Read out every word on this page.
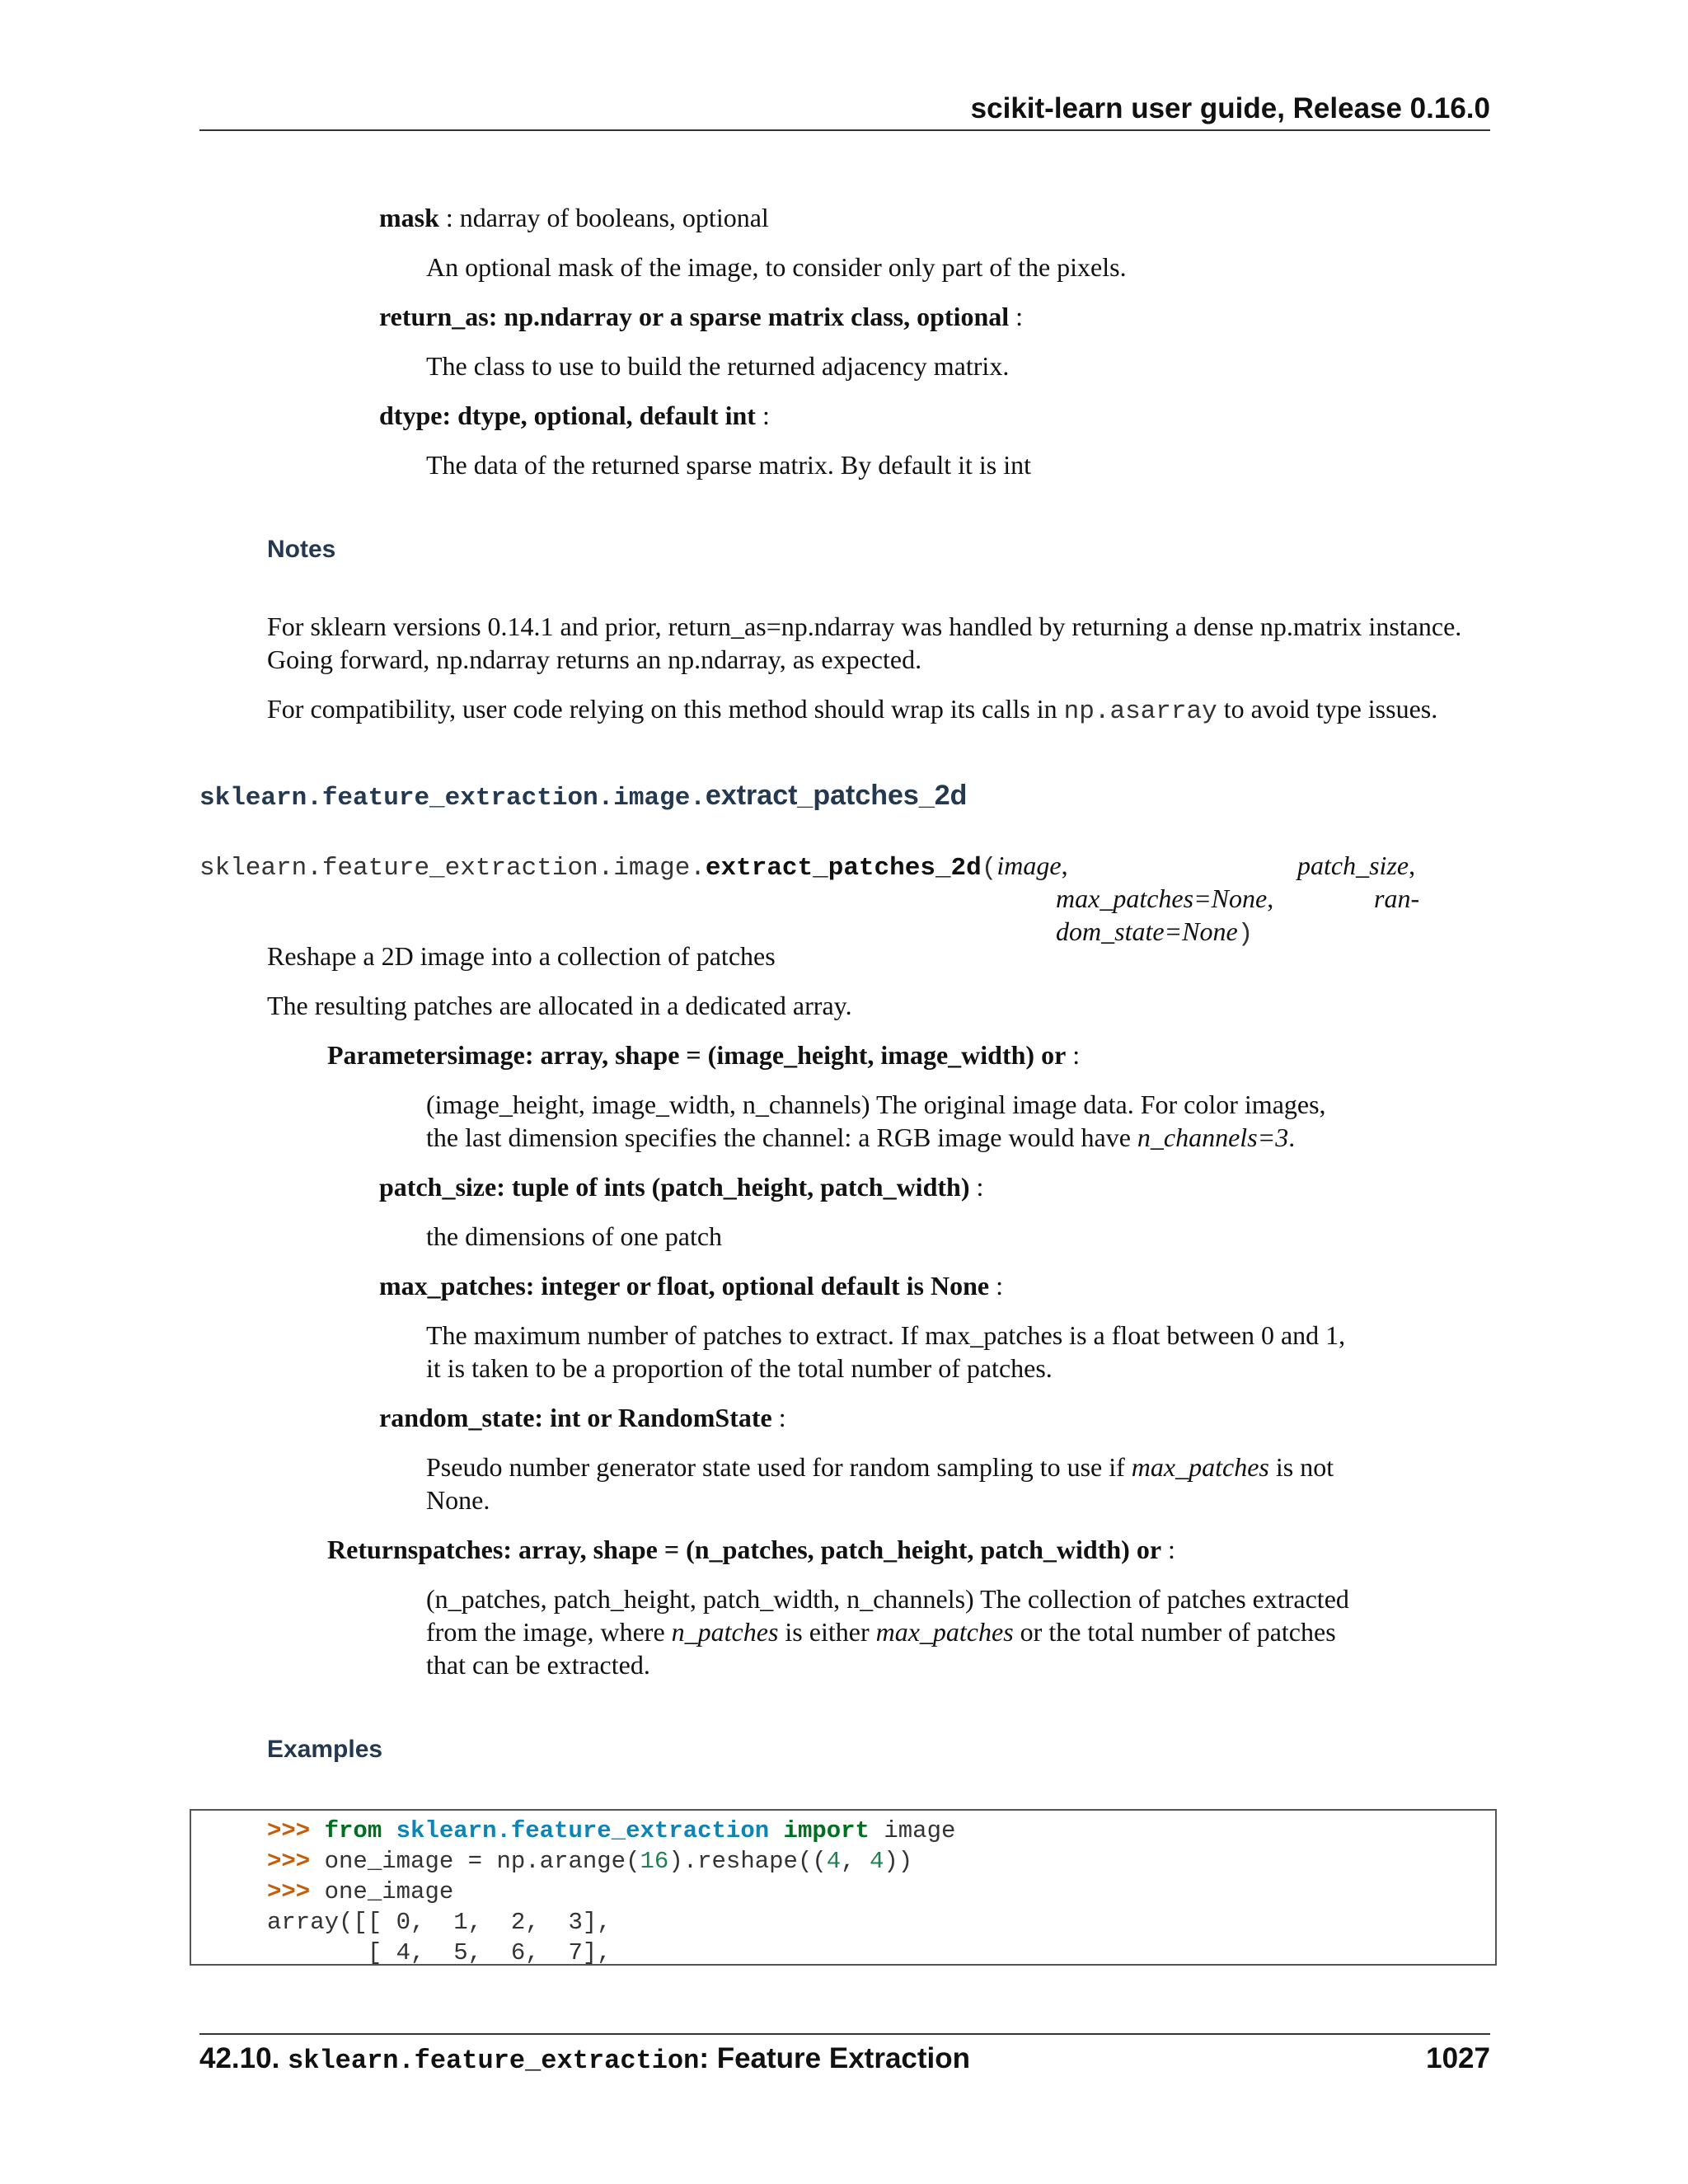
scikit-learn user guide, Release 0.16.0
mask : ndarray of booleans, optional
An optional mask of the image, to consider only part of the pixels.
return_as: np.ndarray or a sparse matrix class, optional :
The class to use to build the returned adjacency matrix.
dtype: dtype, optional, default int :
The data of the returned sparse matrix. By default it is int
Notes
For sklearn versions 0.14.1 and prior, return_as=np.ndarray was handled by returning a dense np.matrix instance.
Going forward, np.ndarray returns an np.ndarray, as expected.
For compatibility, user code relying on this method should wrap its calls in np.asarray to avoid type issues.
sklearn.feature_extraction.image.extract_patches_2d
sklearn.feature_extraction.image.extract_patches_2d(image,	patch_size,
max_patches=None,	ran-
dom_state=None)
Reshape a 2D image into a collection of patches
The resulting patches are allocated in a dedicated array.
Parametersimage: array, shape = (image_height, image_width) or :
(image_height, image_width, n_channels) The original image data. For color images,
the last dimension specifies the channel: a RGB image would have n_channels=3.
patch_size: tuple of ints (patch_height, patch_width) :
the dimensions of one patch
max_patches: integer or float, optional default is None :
The maximum number of patches to extract. If max_patches is a float between 0 and 1,
it is taken to be a proportion of the total number of patches.
random_state: int or RandomState :
Pseudo number generator state used for random sampling to use if max_patches is not
None.
Returnspatches: array, shape = (n_patches, patch_height, patch_width) or :
(n_patches, patch_height, patch_width, n_channels) The collection of patches extracted
from the image, where n_patches is either max_patches or the total number of patches
that can be extracted.
Examples
>>> from sklearn.feature_extraction import image
>>> one_image = np.arange(16).reshape((4, 4))
>>> one_image
array([[ 0,  1,  2,  3],
[ 4,  5,  6,  7],
42.10. sklearn.feature_extraction: Feature Extraction	1027
